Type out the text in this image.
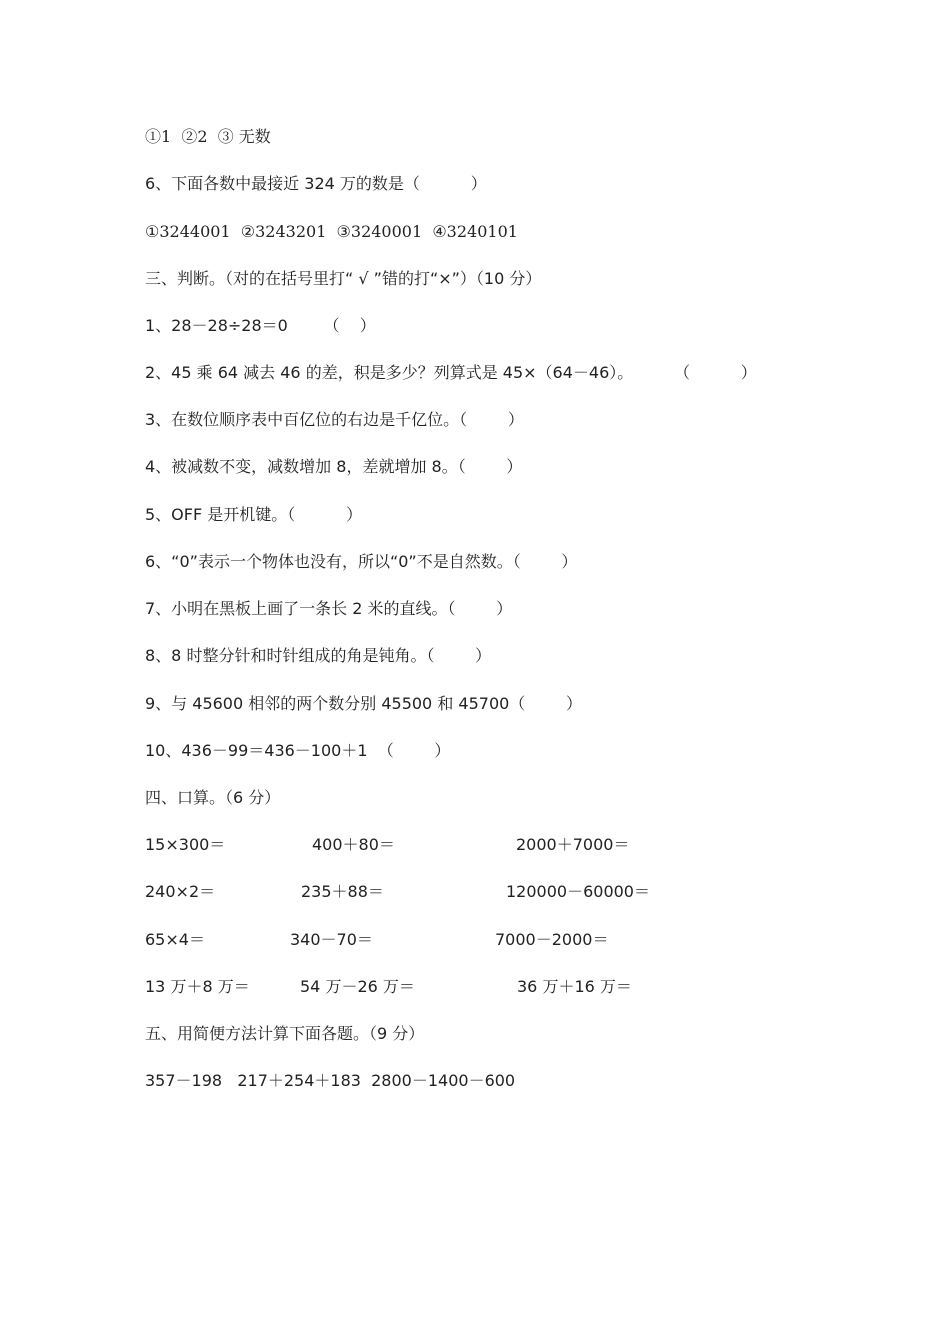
①1  ②2  ③ 无数
6、下面各数中最接近 324 万的数是（          ）
①3244001  ②3243201  ③3240001  ④3240101
三、判断。（对的在括号里打“ √ ”错的打“×”）（10 分）
1、28－28÷28＝0       （    ）
2、45 乘 64 减去 46 的差，积是多少？列算式是 45×（64－46）。        （          ）
3、在数位顺序表中百亿位的右边是千亿位。（        ）
4、被减数不变，减数增加 8，差就增加 8。（        ）
5、OFF 是开机键。（          ）
6、“0”表示一个物体也没有，所以“0”不是自然数。（        ）
7、小明在黑板上画了一条长 2 米的直线。（        ）
8、8 时整分针和时针组成的角是钝角。（        ）
9、与 45600 相邻的两个数分别 45500 和 45700（        ）
10、436－99＝436－100＋1  （        ）
四、口算。（6 分）
15×300＝	400＋80＝	2000＋7000＝
240×2＝	235＋88＝	120000－60000＝
65×4＝	340－70＝	7000－2000＝
13 万＋8 万＝	54 万－26 万＝	36 万＋16 万＝
五、用简便方法计算下面各题。（9 分）
357－198   217＋254＋183  2800－1400－600
